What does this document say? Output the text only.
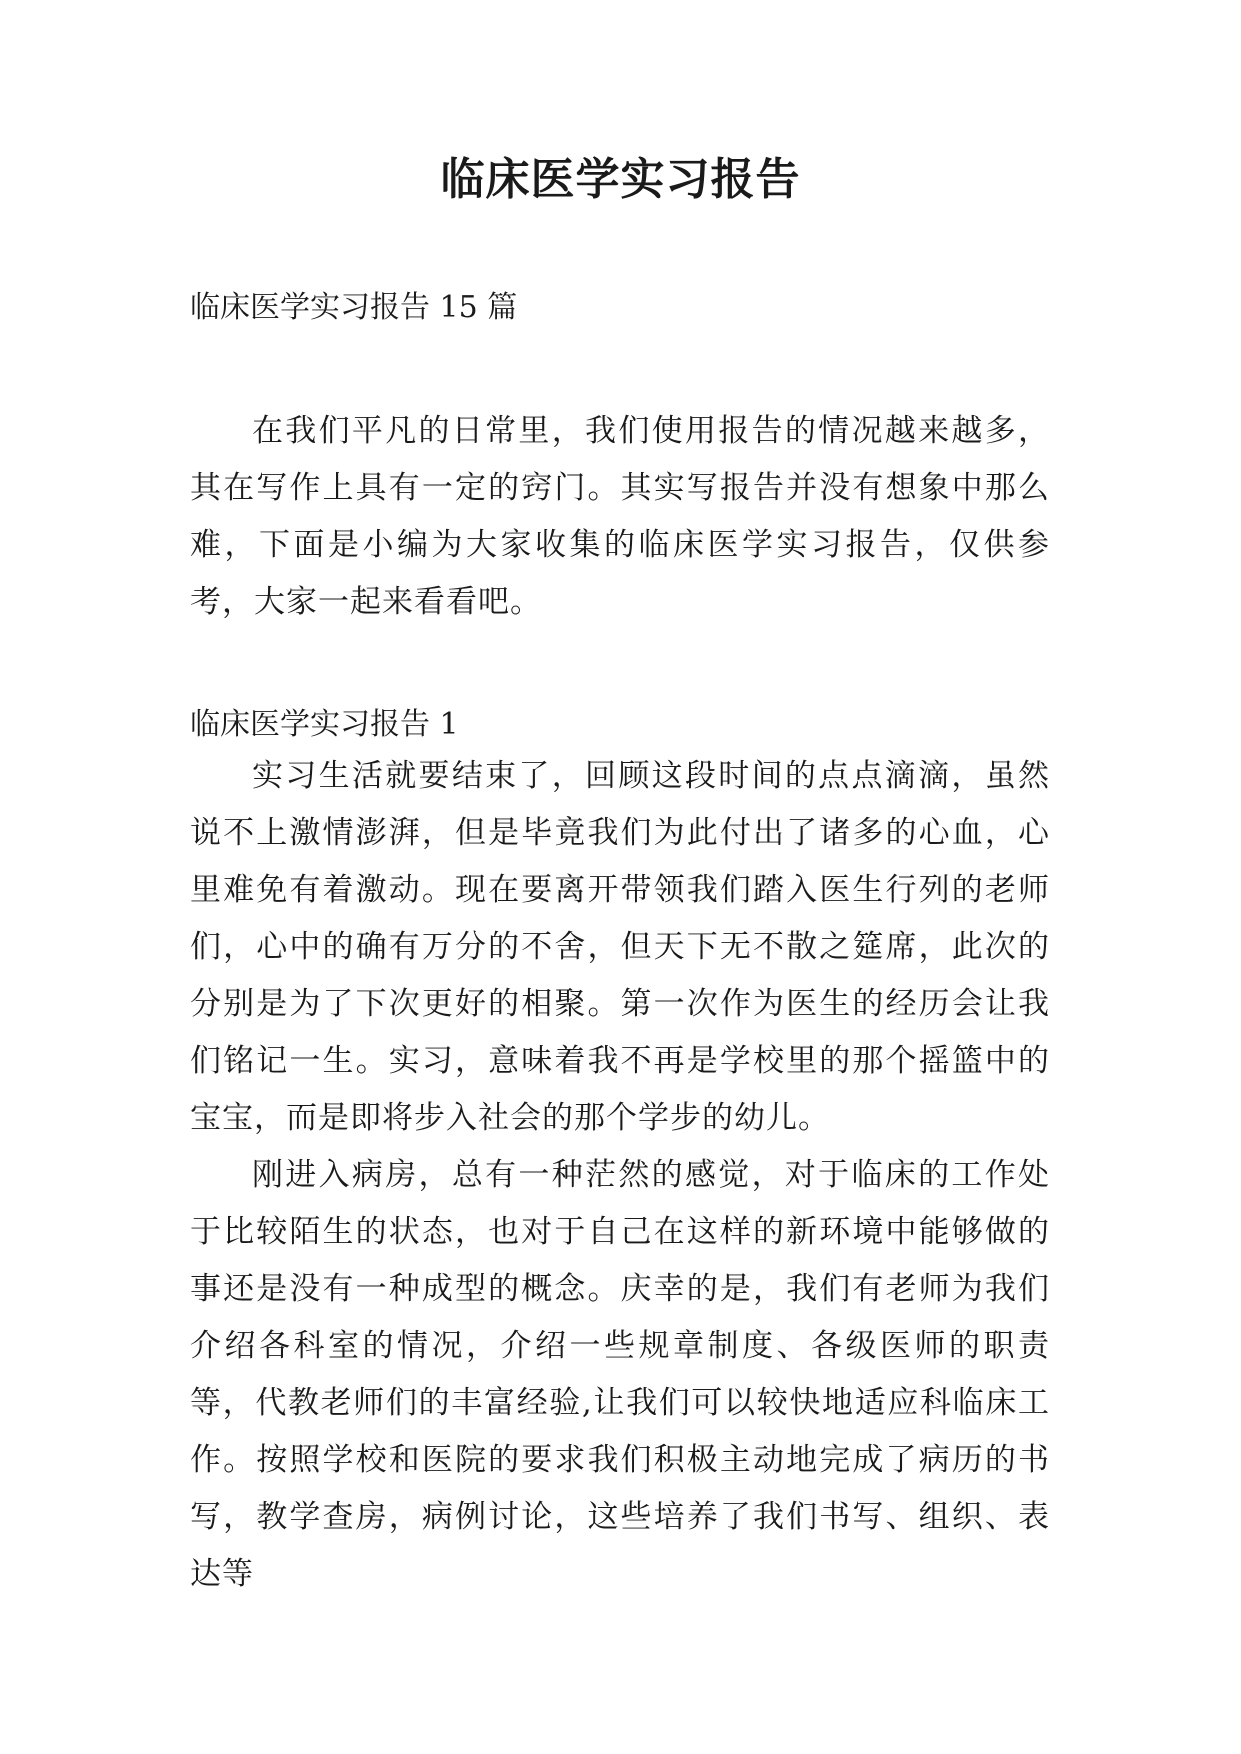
临床医学实习报告
临床医学实习报告 15 篇

在我们平凡的日常里，我们使用报告的情况越来越多，其在写作上具有一定的窍门。其实写报告并没有想象中那么难，下面是小编为大家收集的临床医学实习报告，仅供参考，大家一起来看看吧。

临床医学实习报告 1

实习生活就要结束了，回顾这段时间的点点滴滴，虽然说不上激情澎湃，但是毕竟我们为此付出了诸多的心血，心里难免有着激动。现在要离开带领我们踏入医生行列的老师们，心中的确有万分的不舍，但天下无不散之筵席，此次的分别是为了下次更好的相聚。第一次作为医生的经历会让我们铭记一生。实习，意味着我不再是学校里的那个摇篮中的宝宝，而是即将步入社会的那个学步的幼儿。

刚进入病房，总有一种茫然的感觉，对于临床的工作处于比较陌生的状态，也对于自己在这样的新环境中能够做的事还是没有一种成型的概念。庆幸的是，我们有老师为我们介绍各科室的情况，介绍一些规章制度、各级医师的职责等，代教老师们的丰富经验,让我们可以较快地适应科临床工作。按照学校和医院的要求我们积极主动地完成了病历的书写，教学查房，病例讨论，这些培养了我们书写、组织、表达等
